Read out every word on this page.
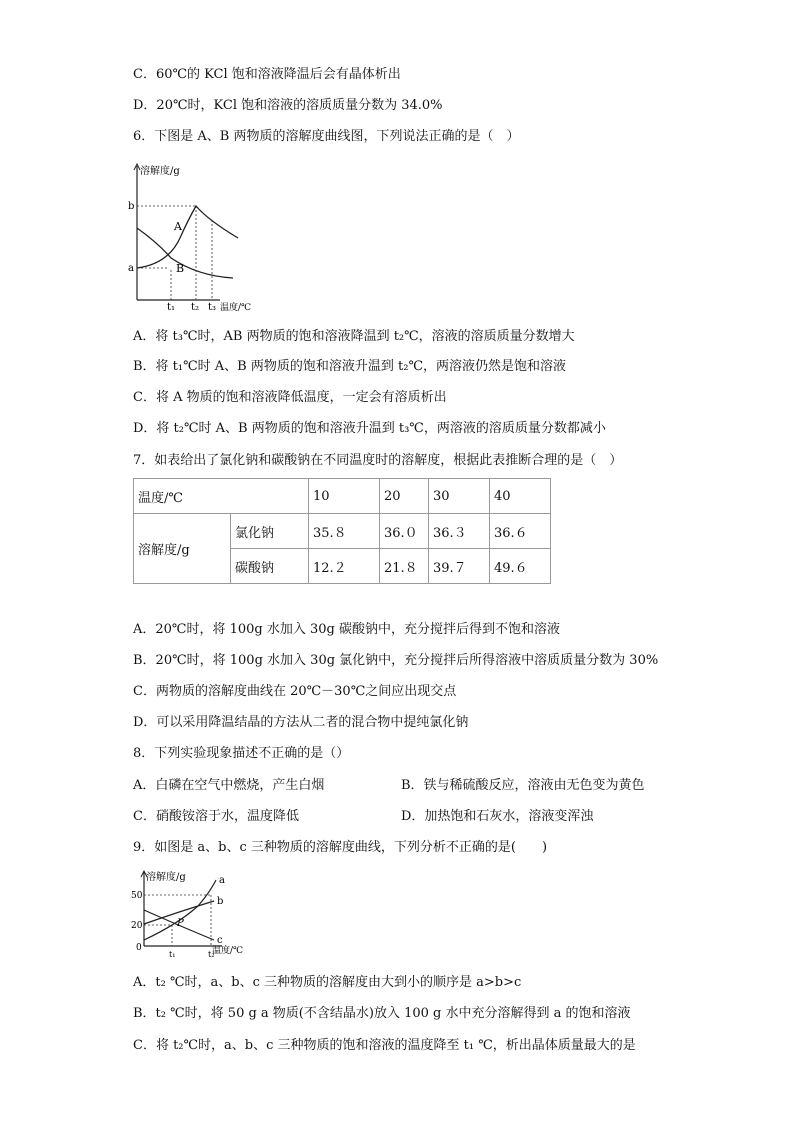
C．60℃的 KCl 饱和溶液降温后会有晶体析出
D．20℃时，KCl 饱和溶液的溶质质量分数为 34.0%
6．下图是 A、B 两物质的溶解度曲线图，下列说法正确的是（　）
溶解度/g
b
a
A
B
t₁ t₂ t₃ 温度/℃
A．将 t₃℃时，AB 两物质的饱和溶液降温到 t₂℃，溶液的溶质质量分数增大
B．将 t₁℃时 A、B 两物质的饱和溶液升温到 t₂℃，两溶液仍然是饱和溶液
C．将 A 物质的饱和溶液降低温度，一定会有溶质析出
D．将 t₂℃时 A、B 两物质的饱和溶液升温到 t₃℃，两溶液的溶质质量分数都减小
7．如表给出了氯化钠和碳酸钠在不同温度时的溶解度，根据此表推断合理的是（　）
温度/℃		10	20	30	40
溶解度/g	氯化钠	35.８	36.０	36.３	36.６
	碳酸钠	12.２	21.８	39.７	49.６
A．20℃时，将 100g 水加入 30g 碳酸钠中，充分搅拌后得到不饱和溶液
B．20℃时，将 100g 水加入 30g 氯化钠中，充分搅拌后所得溶液中溶质质量分数为 30%
C．两物质的溶解度曲线在 20℃－30℃之间应出现交点
D．可以采用降温结晶的方法从二者的混合物中提纯氯化钠
8．下列实验现象描述不正确的是（）
A．白磷在空气中燃烧，产生白烟	B．铁与稀硫酸反应，溶液由无色变为黄色
C．硝酸铵溶于水，温度降低	D．加热饱和石灰水，溶液变浑浊
9．如图是 a、b、c 三种物质的溶解度曲线，下列分析不正确的是(　　)
溶解度/g
50
20
0
a
b
c
P
t₁	t₂
温度/℃
A．t₂ ℃时，a、b、c 三种物质的溶解度由大到小的顺序是 a>b>c
B．t₂ ℃时，将 50 g a 物质(不含结晶水)放入 100 g 水中充分溶解得到 a 的饱和溶液
C．将 t₂℃时，a、b、c 三种物质的饱和溶液的温度降至 t₁ ℃，析出晶体质量最大的是
